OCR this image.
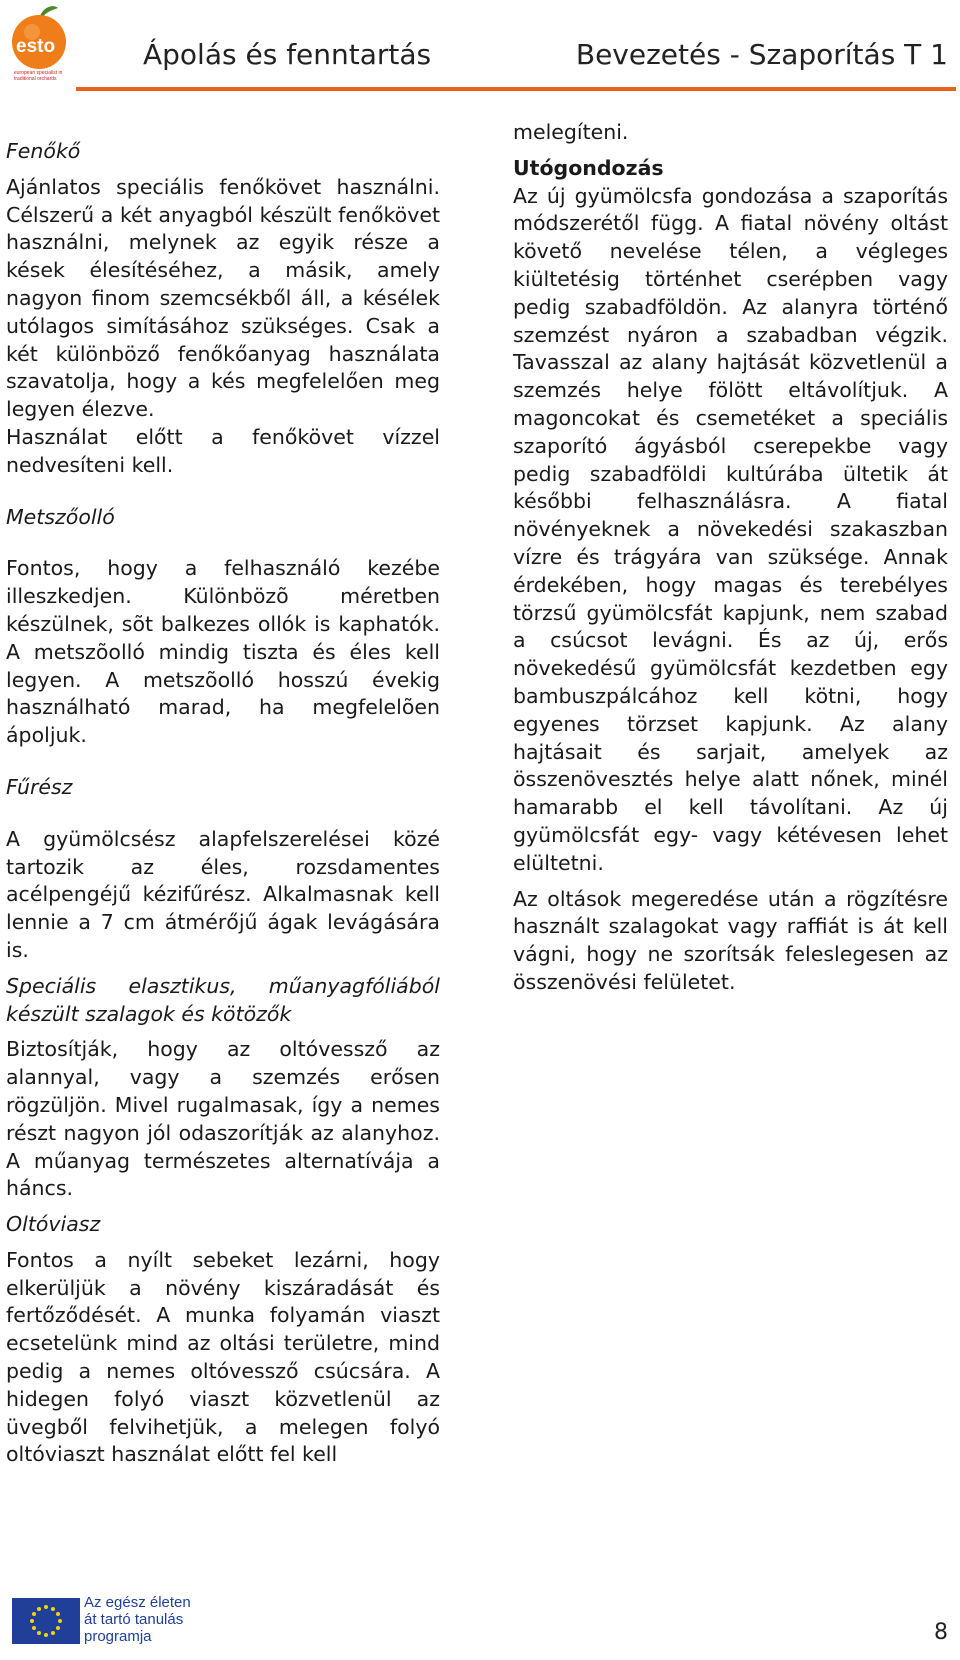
esto
european specialist in
traditional orchards
Ápolás és fenntartás	Bevezetés - Szaporítás T 1

Fenőkő

Ajánlatos speciális fenőkövet használni. Célszerű a két anyagból készült fenőkövet használni, melynek az egyik része a kések élesítéséhez, a másik, amely nagyon finom szemcsékből áll, a késélek utólagos simításához szükséges. Csak a két különböző fenőkőanyag használata szavatolja, hogy a kés megfelelően meg legyen élezve.

Használat előtt a fenőkövet vízzel nedvesíteni kell.

Metszőolló

Fontos, hogy a felhasználó kezébe illeszkedjen. Különbözõ méretben készülnek, sõt balkezes ollók is kaphatók. A metszõolló mindig tiszta és éles kell legyen. A metszõolló hosszú évekig használható marad, ha megfelelõen ápoljuk.

Fűrész

A gyümölcsész alapfelszerelései közé tartozik az éles, rozsdamentes acélpengéjű kézifűrész. Alkalmasnak kell lennie a 7 cm átmérőjű ágak levágására is.

Speciális elasztikus, műanyagfóliából készült szalagok és kötözők

Biztosítják, hogy az oltóvessző az alannyal, vagy a szemzés erősen rögzüljön. Mivel rugalmasak, így a nemes részt nagyon jól odaszorítják az alanyhoz. A műanyag természetes alternatívája a háncs.

Oltóviasz

Fontos a nyílt sebeket lezárni, hogy elkerüljük a növény kiszáradását és fertőződését. A munka folyamán viaszt ecsetelünk mind az oltási területre, mind pedig a nemes oltóvessző csúcsára. A hidegen folyó viaszt közvetlenül az üvegből felvihetjük, a melegen folyó oltóviaszt használat előtt fel kell

melegíteni.

Utógondozás

Az új gyümölcsfa gondozása a szaporítás módszerétől függ. A fiatal növény oltást követő nevelése télen, a végleges kiültetésig történhet cserépben vagy pedig szabadföldön. Az alanyra történő szemzést nyáron a szabadban végzik. Tavasszal az alany hajtását közvetlenül a szemzés helye fölött eltávolítjuk. A magoncokat és csemetéket a speciális szaporító ágyásból cserepekbe vagy pedig szabadföldi kultúrába ültetik át későbbi felhasználásra. A fiatal növényeknek a növekedési szakaszban vízre és trágyára van szüksége. Annak érdekében, hogy magas és terebélyes törzsű gyümölcsfát kapjunk, nem szabad a csúcsot levágni. És az új, erős növekedésű gyümölcsfát kezdetben egy bambuszpálcához kell kötni, hogy egyenes törzset kapjunk. Az alany hajtásait és sarjait, amelyek az összenövesztés helye alatt nőnek, minél hamarabb el kell távolítani. Az új gyümölcsfát egy- vagy kétévesen lehet elültetni.

Az oltások megeredése után a rögzítésre használt szalagokat vagy raffiát is át kell vágni, hogy ne szorítsák feleslegesen az összenövési felületet.

Az egész életen
át tartó tanulás
programja	8
